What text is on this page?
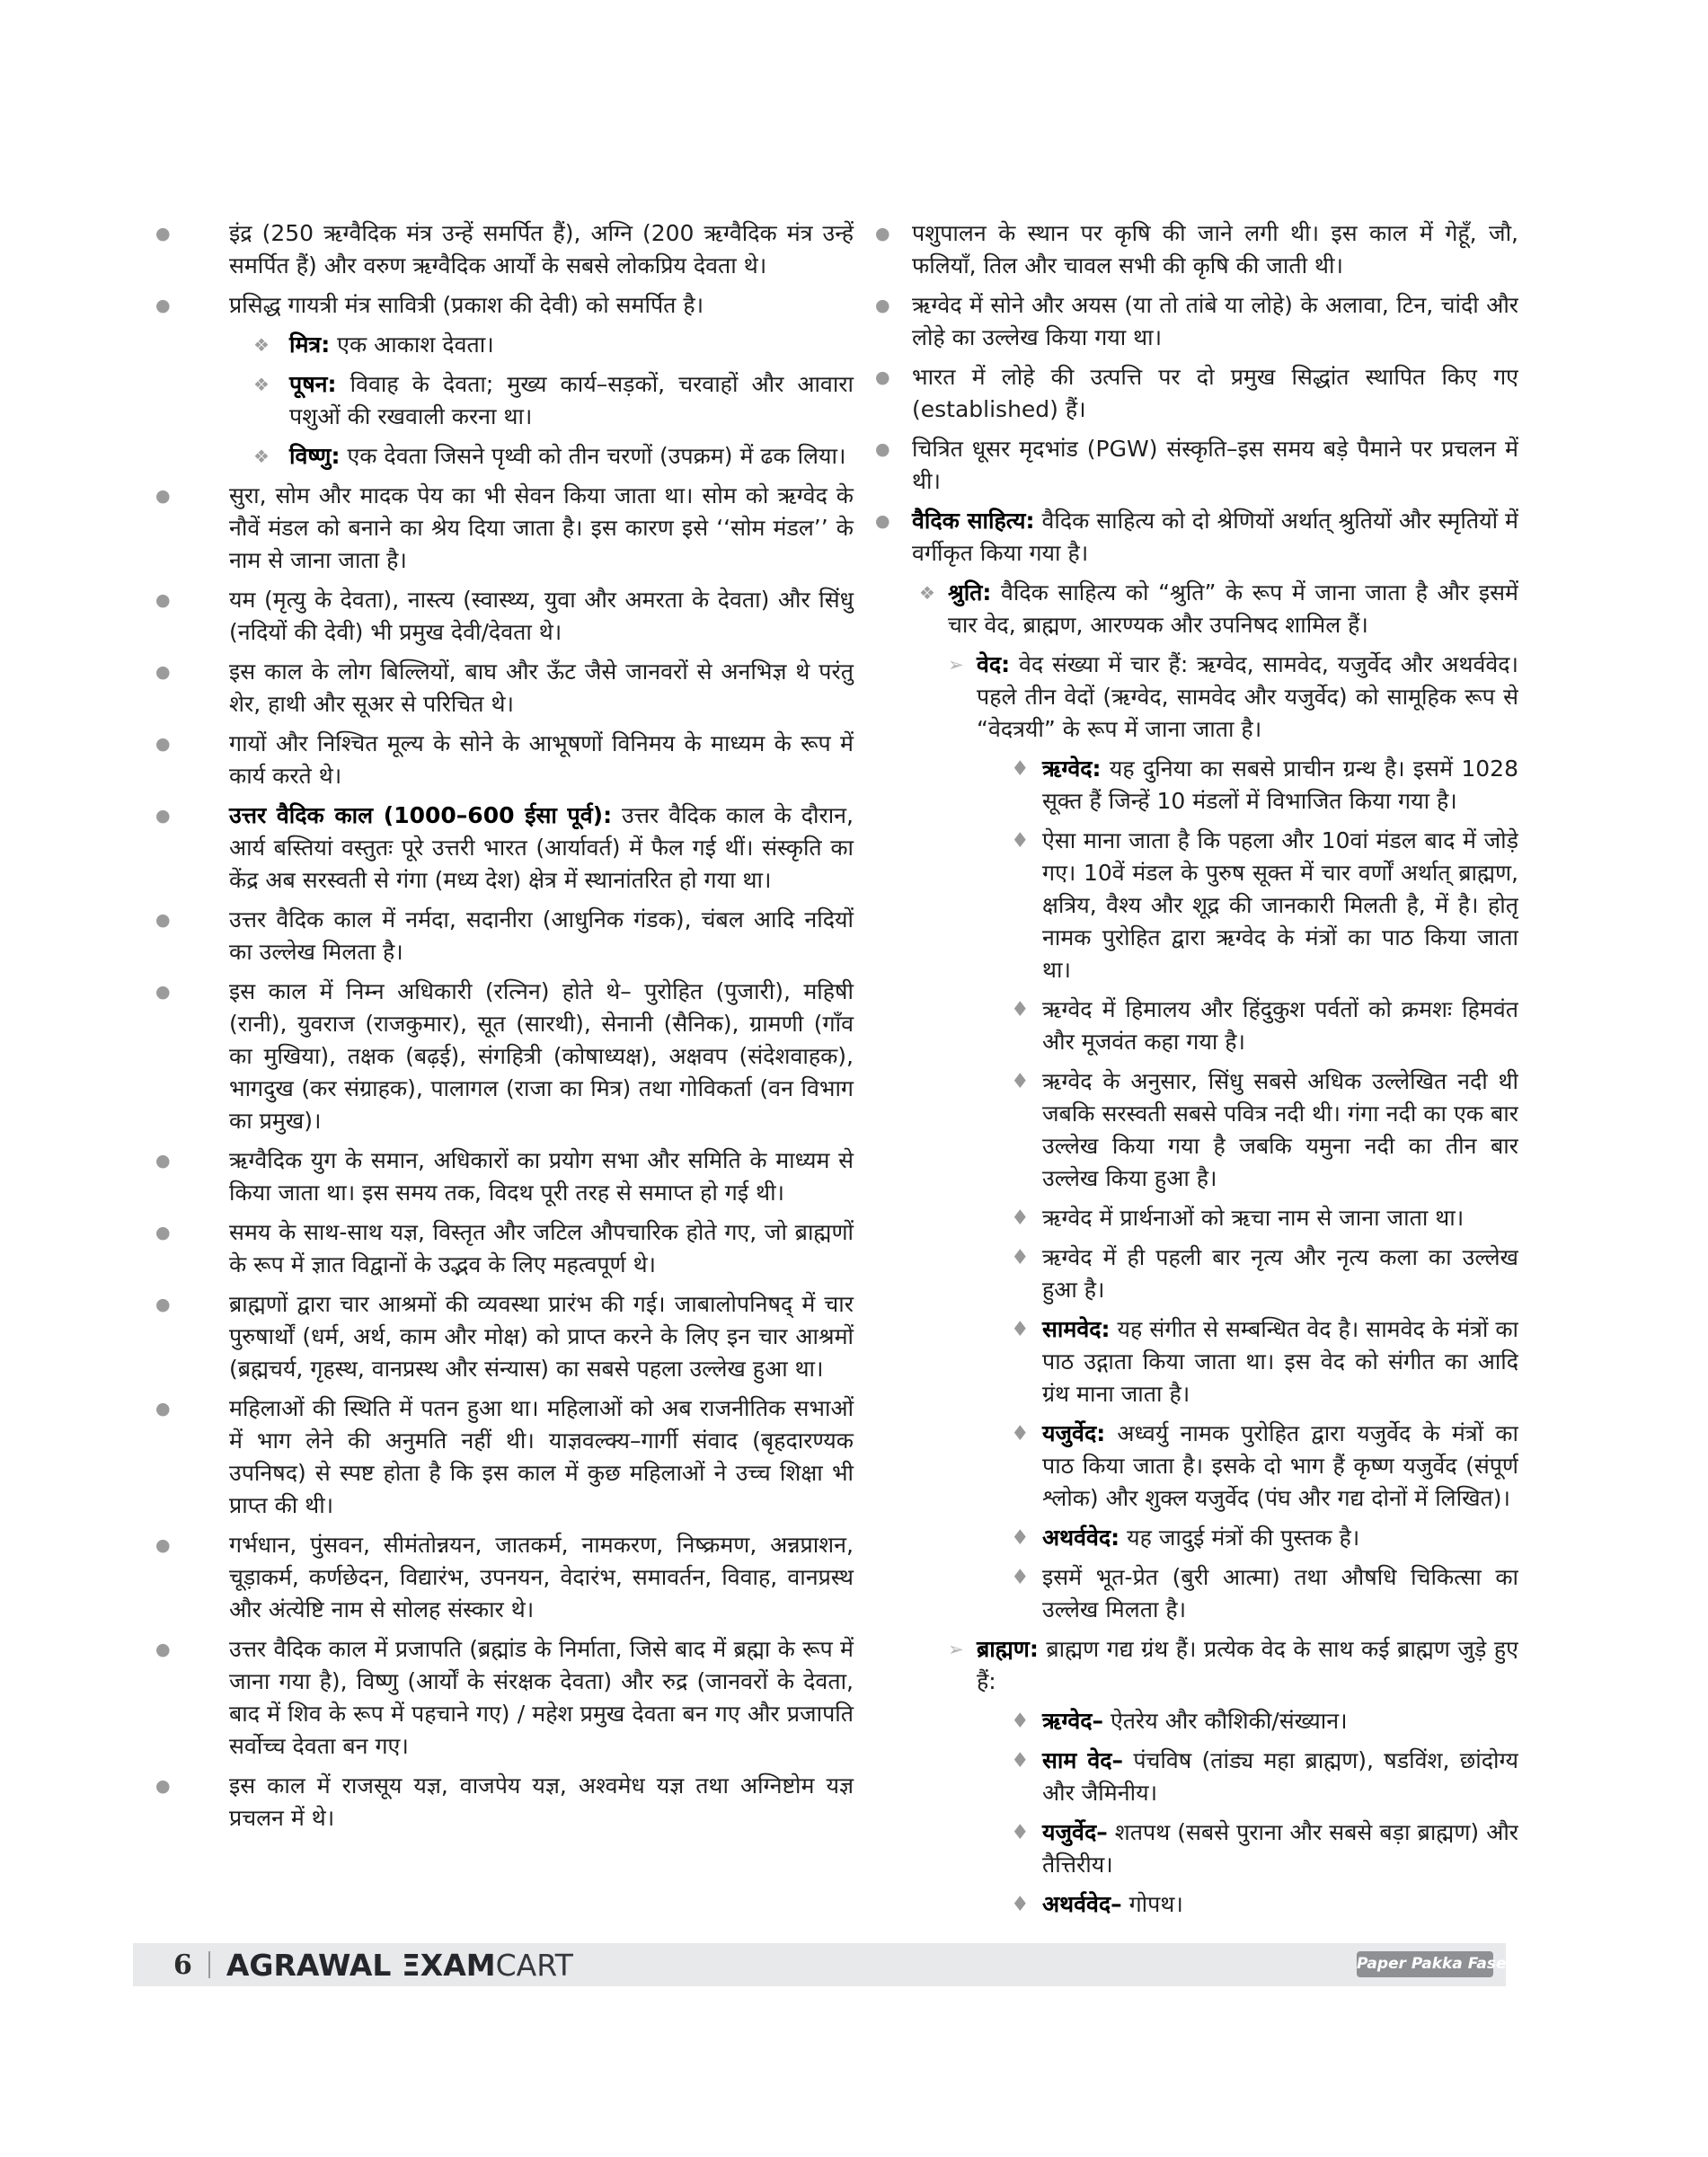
●	इंद्र (250 ऋग्वैदिक मंत्र उन्हें समर्पित हैं), अग्नि (200 ऋग्वैदिक मंत्र उन्हें समर्पित हैं) और वरुण ऋग्वैदिक आर्यों के सबसे लोकप्रिय देवता थे।
●	प्रसिद्ध गायत्री मंत्र सावित्री (प्रकाश की देवी) को समर्पित है।
❖ मित्र: एक आकाश देवता।
❖ पूषन: विवाह के देवता; मुख्य कार्य–सड़कों, चरवाहों और आवारा पशुओं की रखवाली करना था।
❖ विष्णु: एक देवता जिसने पृथ्वी को तीन चरणों (उपक्रम) में ढक लिया।
●	सुरा, सोम और मादक पेय का भी सेवन किया जाता था। सोम को ऋग्वेद के नौवें मंडल को बनाने का श्रेय दिया जाता है। इस कारण इसे ‘‘सोम मंडल’’ के नाम से जाना जाता है।
●	यम (मृत्यु के देवता), नास्त्य (स्वास्थ्य, युवा और अमरता के देवता) और सिंधु (नदियों की देवी) भी प्रमुख देवी/देवता थे।
●	इस काल के लोग बिल्लियों, बाघ और ऊँट जैसे जानवरों से अनभिज्ञ थे परंतु शेर, हाथी और सूअर से परिचित थे।
●	गायों और निश्चित मूल्य के सोने के आभूषणों विनिमय के माध्यम के रूप में कार्य करते थे।
●	उत्तर वैदिक काल (1000–600 ईसा पूर्व): उत्तर वैदिक काल के दौरान, आर्य बस्तियां वस्तुतः पूरे उत्तरी भारत (आर्यावर्त) में फैल गई थीं। संस्कृति का केंद्र अब सरस्वती से गंगा (मध्य देश) क्षेत्र में स्थानांतरित हो गया था।
●	उत्तर वैदिक काल में नर्मदा, सदानीरा (आधुनिक गंडक), चंबल आदि नदियों का उल्लेख मिलता है।
●	इस काल में निम्न अधिकारी (रत्निन) होते थे– पुरोहित (पुजारी), महिषी (रानी), युवराज (राजकुमार), सूत (सारथी), सेनानी (सैनिक), ग्रामणी (गाँव का मुखिया), तक्षक (बढ़ई), संगहित्री (कोषाध्यक्ष), अक्षवप (संदेशवाहक), भागदुख (कर संग्राहक), पालागल (राजा का मित्र) तथा गोविकर्ता (वन विभाग का प्रमुख)।
●	ऋग्वैदिक युग के समान, अधिकारों का प्रयोग सभा और समिति के माध्यम से किया जाता था। इस समय तक, विदथ पूरी तरह से समाप्त हो गई थी।
●	समय के साथ-साथ यज्ञ, विस्तृत और जटिल औपचारिक होते गए, जो ब्राह्मणों के रूप में ज्ञात विद्वानों के उद्भव के लिए महत्वपूर्ण थे।
●	ब्राह्मणों द्वारा चार आश्रमों की व्यवस्था प्रारंभ की गई। जाबालोपनिषद् में चार पुरुषार्थों (धर्म, अर्थ, काम और मोक्ष) को प्राप्त करने के लिए इन चार आश्रमों (ब्रह्मचर्य, गृहस्थ, वानप्रस्थ और संन्यास) का सबसे पहला उल्लेख हुआ था।
●	महिलाओं की स्थिति में पतन हुआ था। महिलाओं को अब राजनीतिक सभाओं में भाग लेने की अनुमति नहीं थी। याज्ञवल्क्य–गार्गी संवाद (बृहदारण्यक उपनिषद) से स्पष्ट होता है कि इस काल में कुछ महिलाओं ने उच्च शिक्षा भी प्राप्त की थी।
●	गर्भधान, पुंसवन, सीमंतोन्नयन, जातकर्म, नामकरण, निष्क्रमण, अन्नप्राशन, चूड़ाकर्म, कर्णछेदन, विद्यारंभ, उपनयन, वेदारंभ, समावर्तन, विवाह, वानप्रस्थ और अंत्येष्टि नाम से सोलह संस्कार थे।
●	उत्तर वैदिक काल में प्रजापति (ब्रह्मांड के निर्माता, जिसे बाद में ब्रह्मा के रूप में जाना गया है), विष्णु (आर्यों के संरक्षक देवता) और रुद्र (जानवरों के देवता, बाद में शिव के रूप में पहचाने गए) / महेश प्रमुख देवता बन गए और प्रजापति सर्वोच्च देवता बन गए।
●	इस काल में राजसूय यज्ञ, वाजपेय यज्ञ, अश्वमेध यज्ञ तथा अग्निष्टोम यज्ञ प्रचलन में थे।
● पशुपालन के स्थान पर कृषि की जाने लगी थी। इस काल में गेहूँ, जौ, फलियाँ, तिल और चावल सभी की कृषि की जाती थी।
● ऋग्वेद में सोने और अयस (या तो तांबे या लोहे) के अलावा, टिन, चांदी और लोहे का उल्लेख किया गया था।
● भारत में लोहे की उत्पत्ति पर दो प्रमुख सिद्धांत स्थापित किए गए (established) हैं।
● चित्रित धूसर मृदभांड (PGW) संस्कृति–इस समय बड़े पैमाने पर प्रचलन में थी।
● वैदिक साहित्य: वैदिक साहित्य को दो श्रेणियों अर्थात् श्रुतियों और स्मृतियों में वर्गीकृत किया गया है।
❖ श्रुति: वैदिक साहित्य को “श्रुति” के रूप में जाना जाता है और इसमें चार वेद, ब्राह्मण, आरण्यक और उपनिषद शामिल हैं।
➢ वेद: वेद संख्या में चार हैं: ऋग्वेद, सामवेद, यजुर्वेद और अथर्ववेद। पहले तीन वेदों (ऋग्वेद, सामवेद और यजुर्वेद) को सामूहिक रूप से “वेदत्रयी” के रूप में जाना जाता है।
♦ ऋग्वेद: यह दुनिया का सबसे प्राचीन ग्रन्थ है। इसमें 1028 सूक्त हैं जिन्हें 10 मंडलों में विभाजित किया गया है।
♦ ऐसा माना जाता है कि पहला और 10वां मंडल बाद में जोड़े गए। 10वें मंडल के पुरुष सूक्त में चार वर्णों अर्थात् ब्राह्मण, क्षत्रिय, वैश्य और शूद्र की जानकारी मिलती है, में है। होतृ नामक पुरोहित द्वारा ऋग्वेद के मंत्रों का पाठ किया जाता था।
♦ ऋग्वेद में हिमालय और हिंदुकुश पर्वतों को क्रमशः हिमवंत और मूजवंत कहा गया है।
♦ ऋग्वेद के अनुसार, सिंधु सबसे अधिक उल्लेखित नदी थी जबकि सरस्वती सबसे पवित्र नदी थी। गंगा नदी का एक बार उल्लेख किया गया है जबकि यमुना नदी का तीन बार उल्लेख किया हुआ है।
♦ ऋग्वेद में प्रार्थनाओं को ऋचा नाम से जाना जाता था।
♦ ऋग्वेद में ही पहली बार नृत्य और नृत्य कला का उल्लेख हुआ है।
♦ सामवेद: यह संगीत से सम्बन्धित वेद है। सामवेद के मंत्रों का पाठ उद्गाता किया जाता था। इस वेद को संगीत का आदि ग्रंथ माना जाता है।
♦ यजुर्वेद: अध्वर्यु नामक पुरोहित द्वारा यजुर्वेद के मंत्रों का पाठ किया जाता है। इसके दो भाग हैं कृष्ण यजुर्वेद (संपूर्ण श्लोक) और शुक्ल यजुर्वेद (पंघ और गद्य दोनों में लिखित)।
♦ अथर्ववेद: यह जादुई मंत्रों की पुस्तक है।
♦ इसमें भूत-प्रेत (बुरी आत्मा) तथा औषधि चिकित्सा का उल्लेख मिलता है।
➢ ब्राह्मण: ब्राह्मण गद्य ग्रंथ हैं। प्रत्येक वेद के साथ कई ब्राह्मण जुड़े हुए हैं:
♦ ऋग्वेद– ऐतरेय और कौशिकी/संख्यान।
♦ साम वेद– पंचविष (तांड्य महा ब्राह्मण), षडविंश, छांदोग्य और जैमिनीय।
♦ यजुर्वेद– शतपथ (सबसे पुराना और सबसे बड़ा ब्राह्मण) और तैत्तिरीय।
♦ अथर्ववेद– गोपथ।
6 AGRAWAL ΞXAMCART	Paper Pakka Fasega!
